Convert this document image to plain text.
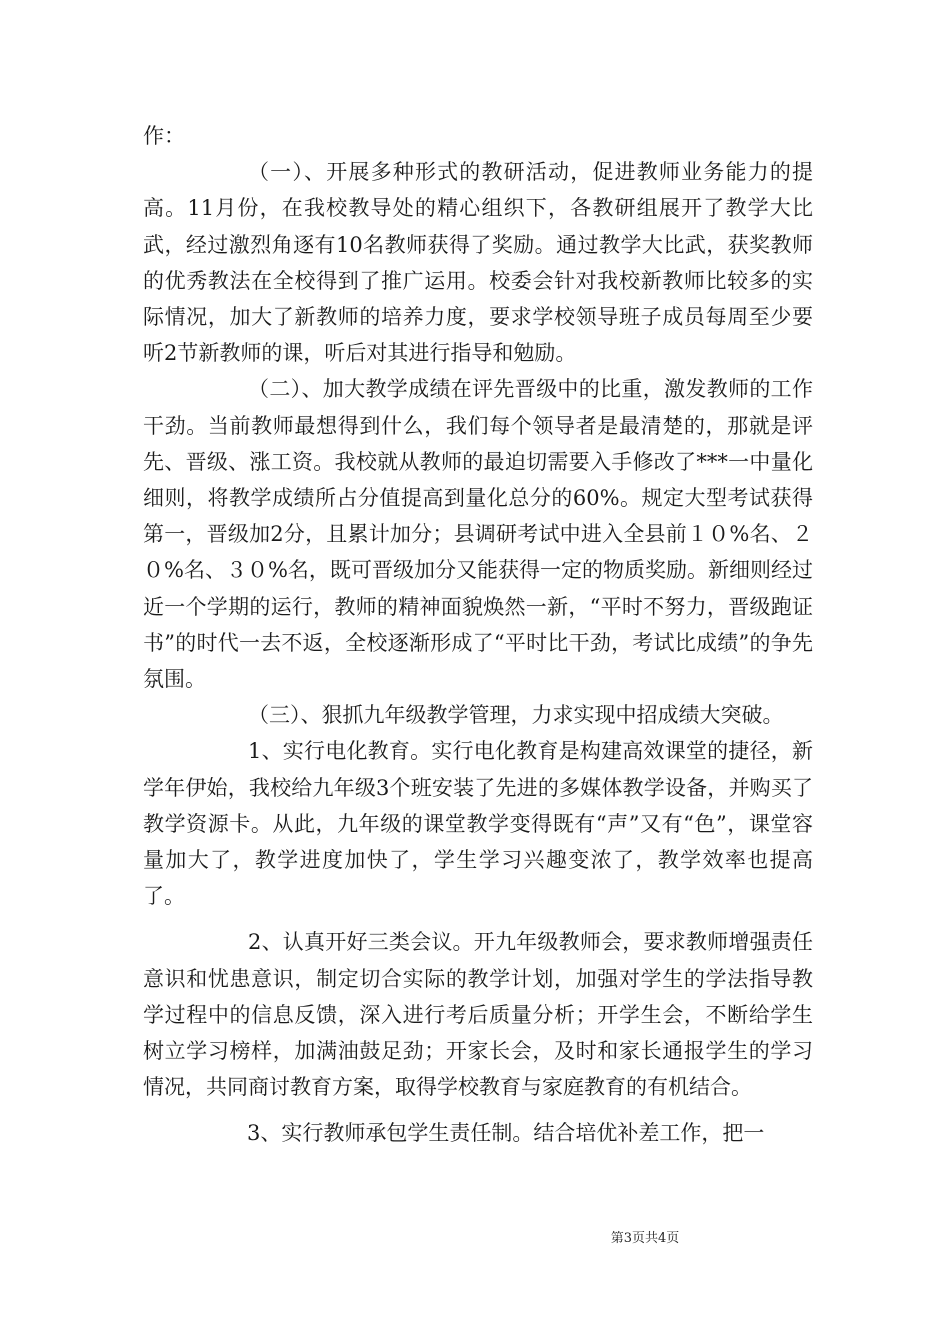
作：

（一）、开展多种形式的教研活动，促进教师业务能力的提高。11月份，在我校教导处的精心组织下，各教研组展开了教学大比武，经过激烈角逐有10名教师获得了奖励。通过教学大比武，获奖教师的优秀教法在全校得到了推广运用。校委会针对我校新教师比较多的实际情况，加大了新教师的培养力度，要求学校领导班子成员每周至少要听2节新教师的课，听后对其进行指导和勉励。

（二）、加大教学成绩在评先晋级中的比重，激发教师的工作干劲。当前教师最想得到什么，我们每个领导者是最清楚的，那就是评先、晋级、涨工资。我校就从教师的最迫切需要入手修改了***一中量化细则，将教学成绩所占分值提高到量化总分的60%。规定大型考试获得第一，晋级加2分，且累计加分；县调研考试中进入全县前１０%名、２０%名、３０%名，既可晋级加分又能获得一定的物质奖励。新细则经过近一个学期的运行，教师的精神面貌焕然一新，“平时不努力，晋级跑证书”的时代一去不返，全校逐渐形成了“平时比干劲，考试比成绩”的争先氛围。

（三）、狠抓九年级教学管理，力求实现中招成绩大突破。

1、实行电化教育。实行电化教育是构建高效课堂的捷径，新学年伊始，我校给九年级3个班安装了先进的多媒体教学设备，并购买了教学资源卡。从此，九年级的课堂教学变得既有“声”又有“色”，课堂容量加大了，教学进度加快了，学生学习兴趣变浓了，教学效率也提高了。

2、认真开好三类会议。开九年级教师会，要求教师增强责任意识和忧患意识，制定切合实际的教学计划，加强对学生的学法指导教学过程中的信息反馈，深入进行考后质量分析；开学生会，不断给学生树立学习榜样，加满油鼓足劲；开家长会，及时和家长通报学生的学习情况，共同商讨教育方案，取得学校教育与家庭教育的有机结合。

3、实行教师承包学生责任制。结合培优补差工作，把一

第3页共4页
